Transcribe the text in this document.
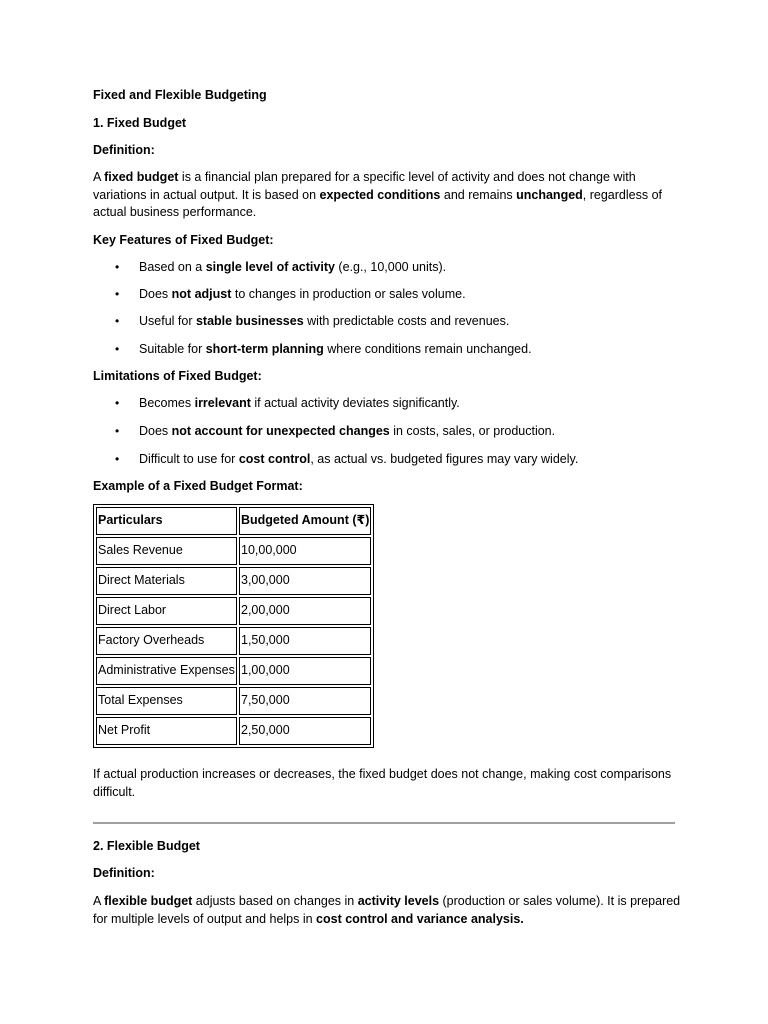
Fixed and Flexible Budgeting

1. Fixed Budget

Definition:

A fixed budget is a financial plan prepared for a specific level of activity and does not change with variations in actual output. It is based on expected conditions and remains unchanged, regardless of actual business performance.

Key Features of Fixed Budget:

• Based on a single level of activity (e.g., 10,000 units).

• Does not adjust to changes in production or sales volume.

• Useful for stable businesses with predictable costs and revenues.

• Suitable for short-term planning where conditions remain unchanged.

Limitations of Fixed Budget:

• Becomes irrelevant if actual activity deviates significantly.

• Does not account for unexpected changes in costs, sales, or production.

• Difficult to use for cost control, as actual vs. budgeted figures may vary widely.

Example of a Fixed Budget Format:

Particulars	Budgeted Amount (₹)
Sales Revenue	10,00,000
Direct Materials	3,00,000
Direct Labor	2,00,000
Factory Overheads	1,50,000
Administrative Expenses	1,00,000
Total Expenses	7,50,000
Net Profit	2,50,000

If actual production increases or decreases, the fixed budget does not change, making cost comparisons difficult.

2. Flexible Budget

Definition:

A flexible budget adjusts based on changes in activity levels (production or sales volume). It is prepared for multiple levels of output and helps in cost control and variance analysis.
